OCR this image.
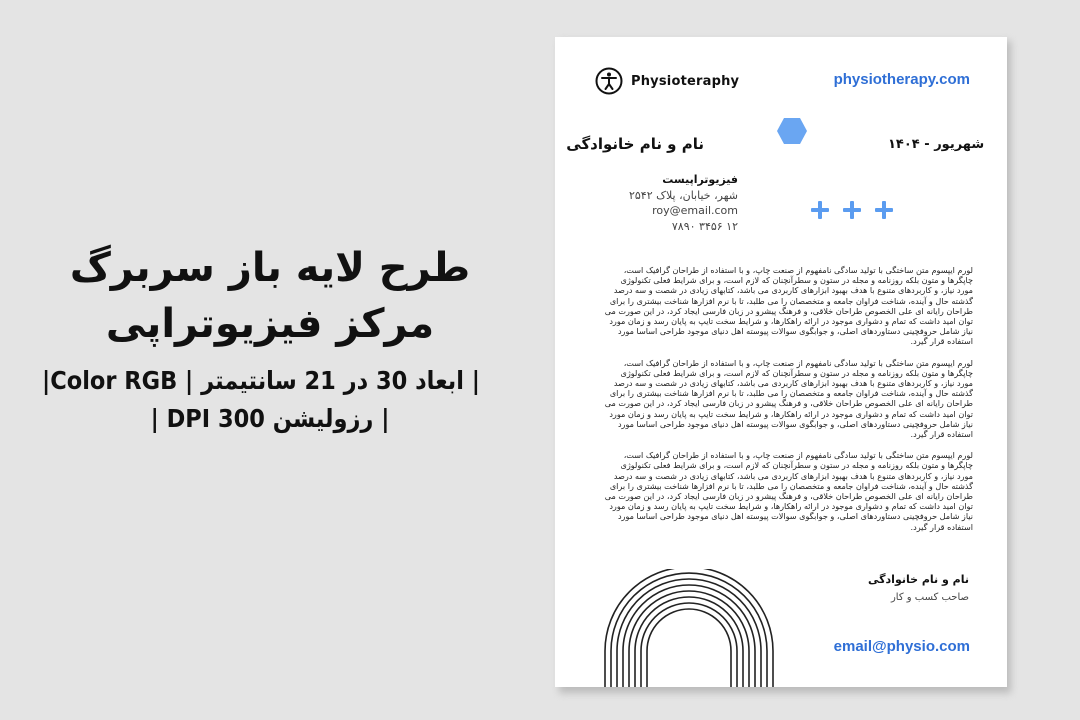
طرح لایه باز سربرگ
مرکز فیزیوتراپی
| ابعاد 30 در 21 سانتیمتر | Color RGB|
| رزولیشن 300 DPI |
Physioteraphy	physiotherapy.com
نام و نام خانوادگی	شهریور - ۱۴۰۴
فیزیوتراپیست
شهر، خیابان، پلاک ۲۵۴۲
roy@email.com
۱۲ ۳۴۵۶ ۷۸۹۰

لورم ایپسوم متن ساختگی با تولید سادگی نامفهوم از صنعت چاپ، و با استفاده از طراحان گرافیک است، چاپگرها و متون بلکه روزنامه و مجله در ستون و سطرآنچنان که لازم است، و برای شرایط فعلی تکنولوژی مورد نیاز، و کاربردهای متنوع با هدف بهبود ابزارهای کاربردی می باشد، کتابهای زیادی در شصت و سه درصد گذشته حال و آینده، شناخت فراوان جامعه و متخصصان را می طلبد، تا با نرم افزارها شناخت بیشتری را برای طراحان رایانه ای علی الخصوص طراحان خلاقی، و فرهنگ پیشرو در زبان فارسی ایجاد کرد، در این صورت می توان امید داشت که تمام و دشواری موجود در ارائه راهکارها، و شرایط سخت تایپ به پایان رسد و زمان مورد نیاز شامل حروفچینی دستاوردهای اصلی، و جوابگوی سوالات پیوسته اهل دنیای موجود طراحی اساسا مورد استفاده قرار گیرد.

لورم ایپسوم متن ساختگی با تولید سادگی نامفهوم از صنعت چاپ، و با استفاده از طراحان گرافیک است، چاپگرها و متون بلکه روزنامه و مجله در ستون و سطرآنچنان که لازم است، و برای شرایط فعلی تکنولوژی مورد نیاز، و کاربردهای متنوع با هدف بهبود ابزارهای کاربردی می باشد، کتابهای زیادی در شصت و سه درصد گذشته حال و آینده، شناخت فراوان جامعه و متخصصان را می طلبد، تا با نرم افزارها شناخت بیشتری را برای طراحان رایانه ای علی الخصوص طراحان خلاقی، و فرهنگ پیشرو در زبان فارسی ایجاد کرد، در این صورت می توان امید داشت که تمام و دشواری موجود در ارائه راهکارها، و شرایط سخت تایپ به پایان رسد و زمان مورد نیاز شامل حروفچینی دستاوردهای اصلی، و جوابگوی سوالات پیوسته اهل دنیای موجود طراحی اساسا مورد استفاده قرار گیرد.

لورم ایپسوم متن ساختگی با تولید سادگی نامفهوم از صنعت چاپ، و با استفاده از طراحان گرافیک است، چاپگرها و متون بلکه روزنامه و مجله در ستون و سطرآنچنان که لازم است، و برای شرایط فعلی تکنولوژی مورد نیاز، و کاربردهای متنوع با هدف بهبود ابزارهای کاربردی می باشد، کتابهای زیادی در شصت و سه درصد گذشته حال و آینده، شناخت فراوان جامعه و متخصصان را می طلبد، تا با نرم افزارها شناخت بیشتری را برای طراحان رایانه ای علی الخصوص طراحان خلاقی، و فرهنگ پیشرو در زبان فارسی ایجاد کرد، در این صورت می توان امید داشت که تمام و دشواری موجود در ارائه راهکارها، و شرایط سخت تایپ به پایان رسد و زمان مورد نیاز شامل حروفچینی دستاوردهای اصلی، و جوابگوی سوالات پیوسته اهل دنیای موجود طراحی اساسا مورد استفاده قرار گیرد.

نام و نام خانوادگی
صاحب کسب و کار
email@physio.com
